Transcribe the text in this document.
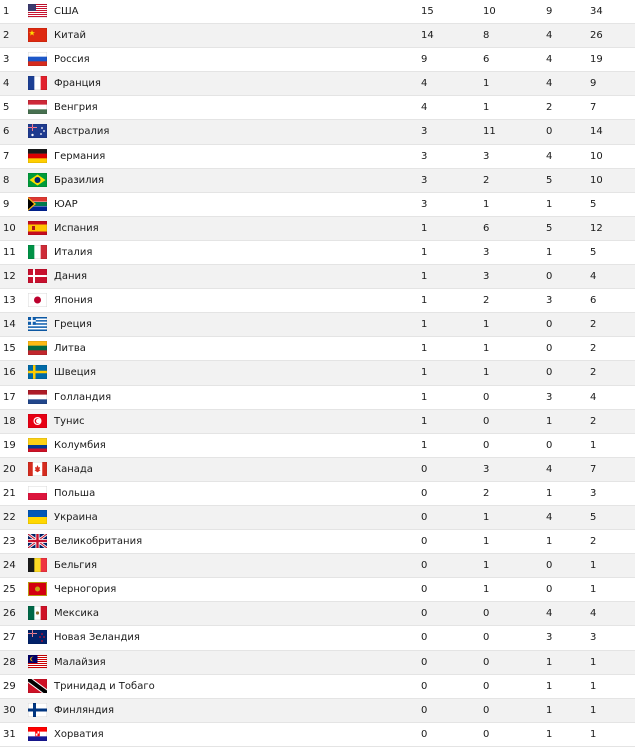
1	США	15	10	9	34
2	Китай	14	8	4	26
3	Россия	9	6	4	19
4	Франция	4	1	4	9
5	Венгрия	4	1	2	7
6	Австралия	3	11	0	14
7	Германия	3	3	4	10
8	Бразилия	3	2	5	10
9	ЮАР	3	1	1	5
10	Испания	1	6	5	12
11	Италия	1	3	1	5
12	Дания	1	3	0	4
13	Япония	1	2	3	6
14	Греция	1	1	0	2
15	Литва	1	1	0	2
16	Швеция	1	1	0	2
17	Голландия	1	0	3	4
18	Тунис	1	0	1	2
19	Колумбия	1	0	0	1
20	Канада	0	3	4	7
21	Польша	0	2	1	3
22	Украина	0	1	4	5
23	Великобритания	0	1	1	2
24	Бельгия	0	1	0	1
25	Черногория	0	1	0	1
26	Мексика	0	0	4	4
27	Новая Зеландия	0	0	3	3
28	Малайзия	0	0	1	1
29	Тринидад и Тобаго	0	0	1	1
30	Финляндия	0	0	1	1
31	Хорватия	0	0	1	1
